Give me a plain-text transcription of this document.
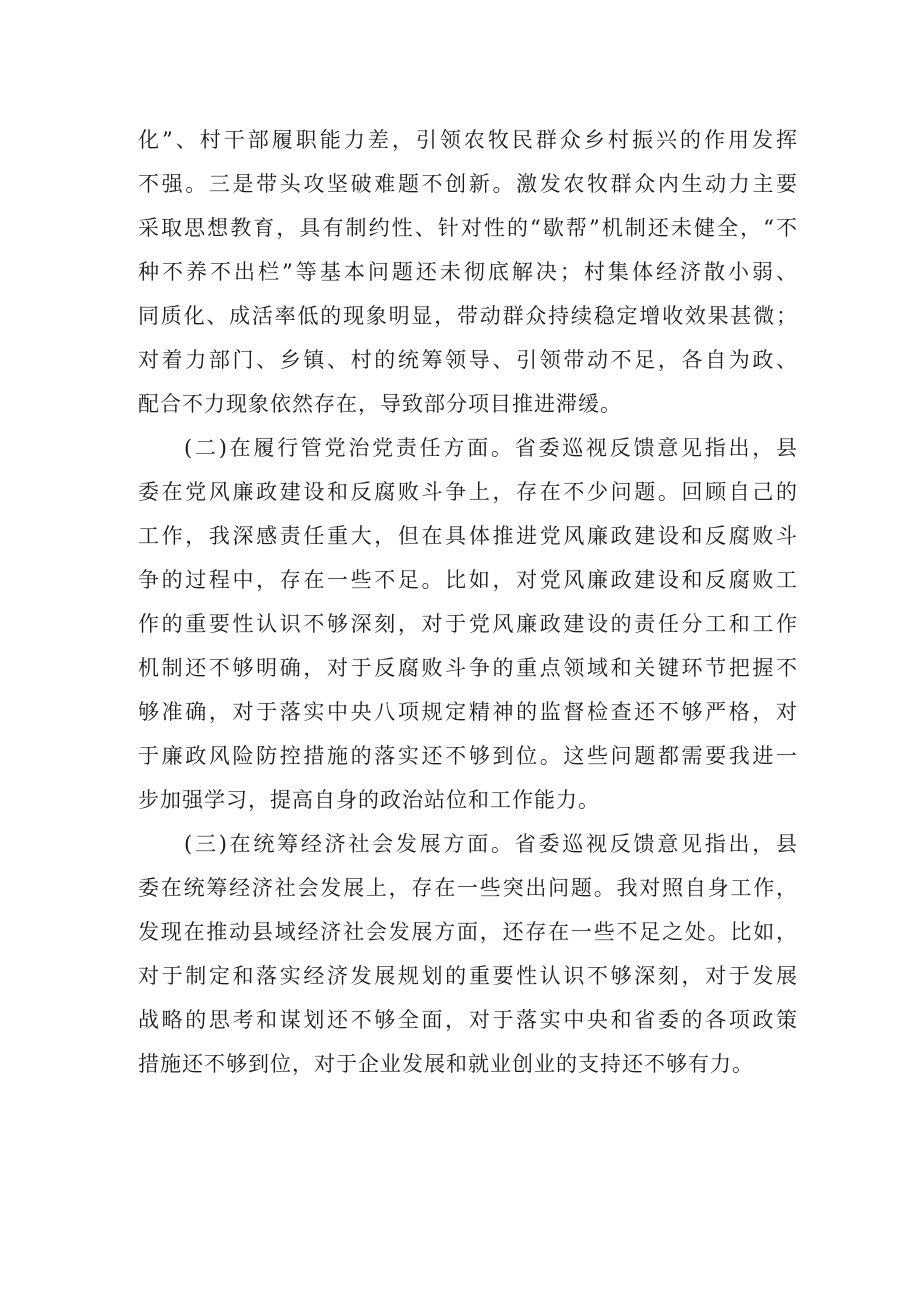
化”、村干部履职能力差，引领农牧民群众乡村振兴的作用发挥
不强。三是带头攻坚破难题不创新。激发农牧群众内生动力主要
采取思想教育，具有制约性、针对性的“歇帮”机制还未健全，“不
种不养不出栏”等基本问题还未彻底解决；村集体经济散小弱、
同质化、成活率低的现象明显，带动群众持续稳定增收效果甚微；
对着力部门、乡镇、村的统筹领导、引领带动不足，各自为政、
配合不力现象依然存在，导致部分项目推进滞缓。
(二)在履行管党治党责任方面。省委巡视反馈意见指出，县
委在党风廉政建设和反腐败斗争上，存在不少问题。回顾自己的
工作，我深感责任重大，但在具体推进党风廉政建设和反腐败斗
争的过程中，存在一些不足。比如，对党风廉政建设和反腐败工
作的重要性认识不够深刻，对于党风廉政建设的责任分工和工作
机制还不够明确，对于反腐败斗争的重点领域和关键环节把握不
够准确，对于落实中央八项规定精神的监督检查还不够严格，对
于廉政风险防控措施的落实还不够到位。这些问题都需要我进一
步加强学习，提高自身的政治站位和工作能力。
(三)在统筹经济社会发展方面。省委巡视反馈意见指出，县
委在统筹经济社会发展上，存在一些突出问题。我对照自身工作，
发现在推动县域经济社会发展方面，还存在一些不足之处。比如，
对于制定和落实经济发展规划的重要性认识不够深刻，对于发展
战略的思考和谋划还不够全面，对于落实中央和省委的各项政策
措施还不够到位，对于企业发展和就业创业的支持还不够有力。
